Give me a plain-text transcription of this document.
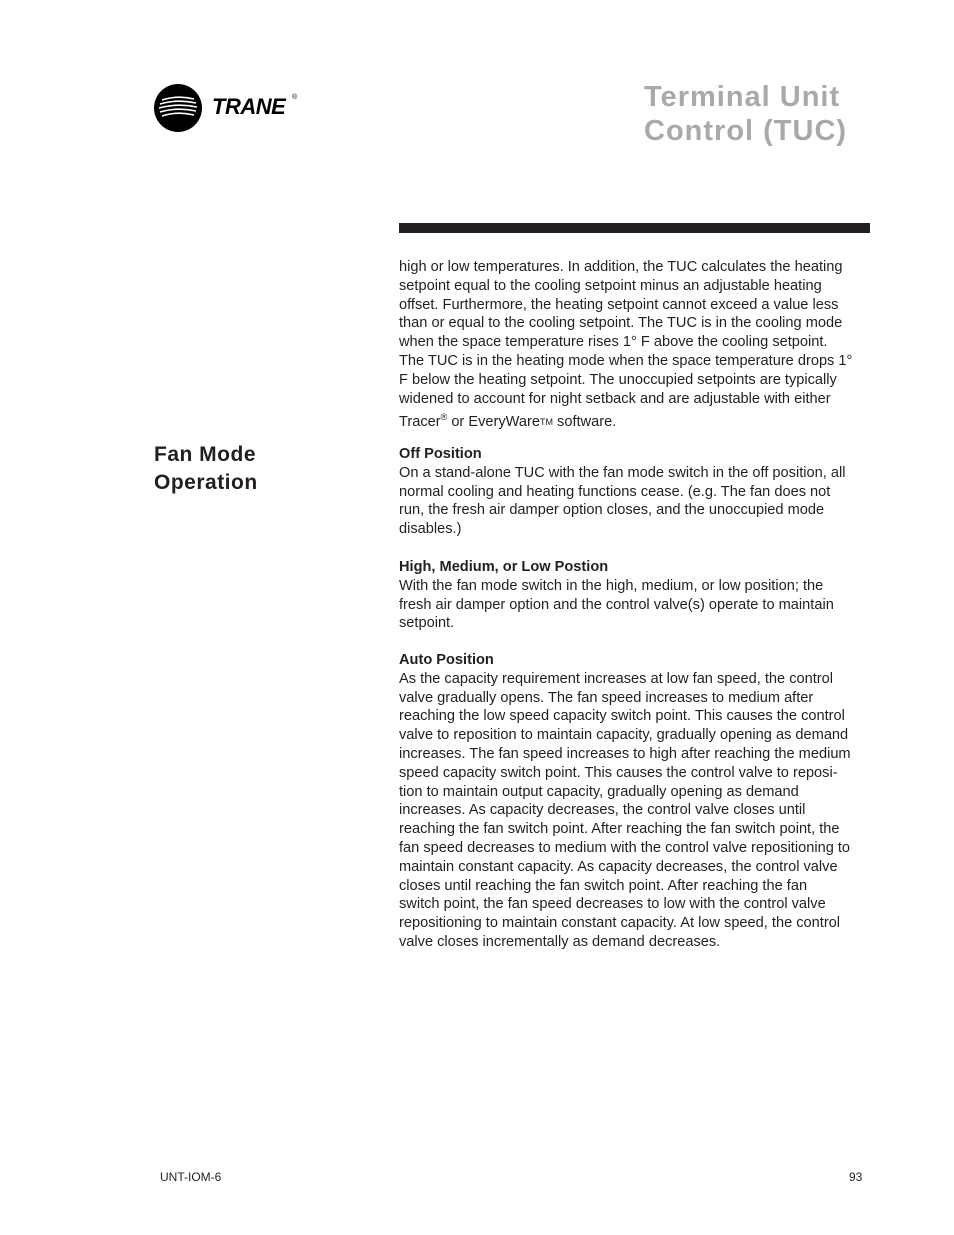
TRANE ®	Terminal Unit
Control (TUC)
high or low temperatures. In addition, the TUC calculates the heating
setpoint equal to the cooling setpoint minus an adjustable heating
offset. Furthermore, the heating setpoint cannot exceed a value less
than or equal to the cooling setpoint. The TUC is in the cooling mode
when the space temperature rises 1° F above the cooling setpoint.
The TUC is in the heating mode when the space temperature drops 1°
F below the heating setpoint. The unoccupied setpoints are typically
widened to account for night setback and are adjustable with either
Tracer® or EveryWareTM software.
Fan Mode
Operation
Off Position
On a stand-alone TUC with the fan mode switch in the off position, all
normal cooling and heating functions cease. (e.g. The fan does not
run, the fresh air damper option closes, and the unoccupied mode
disables.)
High, Medium, or Low Postion
With the fan mode switch in the high, medium, or low position; the
fresh air damper option and the control valve(s) operate to maintain
setpoint.
Auto Position
As the capacity requirement increases at low fan speed, the control
valve gradually opens. The fan speed increases to medium after
reaching the low speed capacity switch point. This causes the control
valve to reposition to maintain capacity, gradually opening as demand
increases. The fan speed increases to high after reaching the medium
speed capacity switch point. This causes the control valve to reposi-
tion to maintain output capacity, gradually opening as demand
increases. As capacity decreases, the control valve closes until
reaching the fan switch point. After reaching the fan switch point, the
fan speed decreases to medium with the control valve repositioning to
maintain constant capacity. As capacity decreases, the control valve
closes until reaching the fan switch point. After reaching the fan
switch point, the fan speed decreases to low with the control valve
repositioning to maintain constant capacity. At low speed, the control
valve closes incrementally as demand decreases.
UNT-IOM-6	93
